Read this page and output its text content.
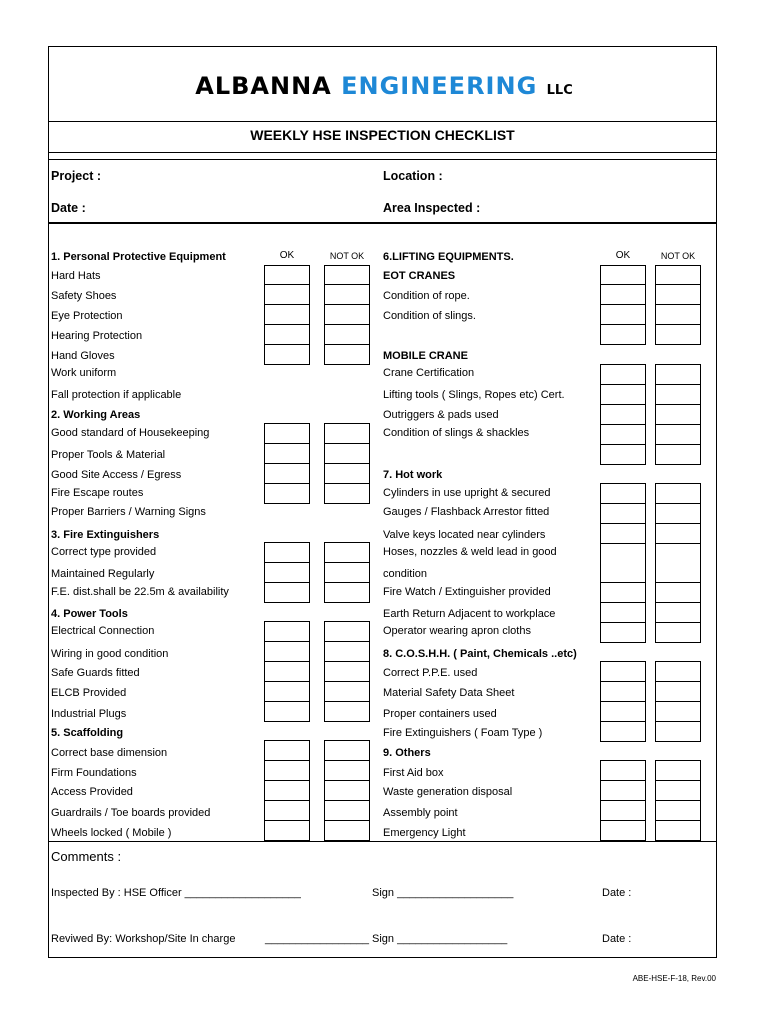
ALBANNA ENGINEERING LLC
WEEKLY HSE INSPECTION CHECKLIST
Project :	Location :
Date :	Area Inspected :
OK	NOT OK	OK	NOT OK
1. Personal Protective Equipment
Hard Hats
Safety Shoes
Eye Protection
Hearing Protection
Hand Gloves
Work uniform
Fall protection if applicable
2. Working Areas
Good standard of Housekeeping
Proper Tools & Material
Good Site Access / Egress
Fire Escape routes
Proper Barriers / Warning Signs
3. Fire Extinguishers
Correct type provided
Maintained Regularly
F.E. dist.shall be 22.5m & availability
4. Power Tools
Electrical Connection
Wiring in good condition
Safe Guards fitted
ELCB Provided
Industrial Plugs
5. Scaffolding
Correct base dimension
Firm Foundations
Access Provided
Guardrails / Toe boards provided
Wheels locked ( Mobile )
6.LIFTING EQUIPMENTS.
EOT CRANES
Condition of rope.
Condition of slings.
MOBILE CRANE
Crane Certification
Lifting tools ( Slings, Ropes etc) Cert.
Outriggers & pads used
Condition of slings & shackles
7. Hot work
Cylinders in use upright & secured
Gauges / Flashback Arrestor fitted
Valve keys located near cylinders
Hoses, nozzles & weld lead in good
condition
Fire Watch / Extinguisher provided
Earth Return Adjacent to workplace
Operator wearing apron cloths
8. C.O.S.H.H. ( Paint, Chemicals ..etc)
Correct P.P.E. used
Material Safety Data Sheet
Proper containers used
Fire Extinguishers ( Foam Type )
9. Others
First Aid box
Waste generation disposal
Assembly point
Emergency Light
Comments :
Inspected By : HSE Officer ___________________	Sign ___________________	Date :
Reviwed By: Workshop/Site In charge	_________________ Sign __________________	Date :
ABE-HSE-F-18, Rev.00
